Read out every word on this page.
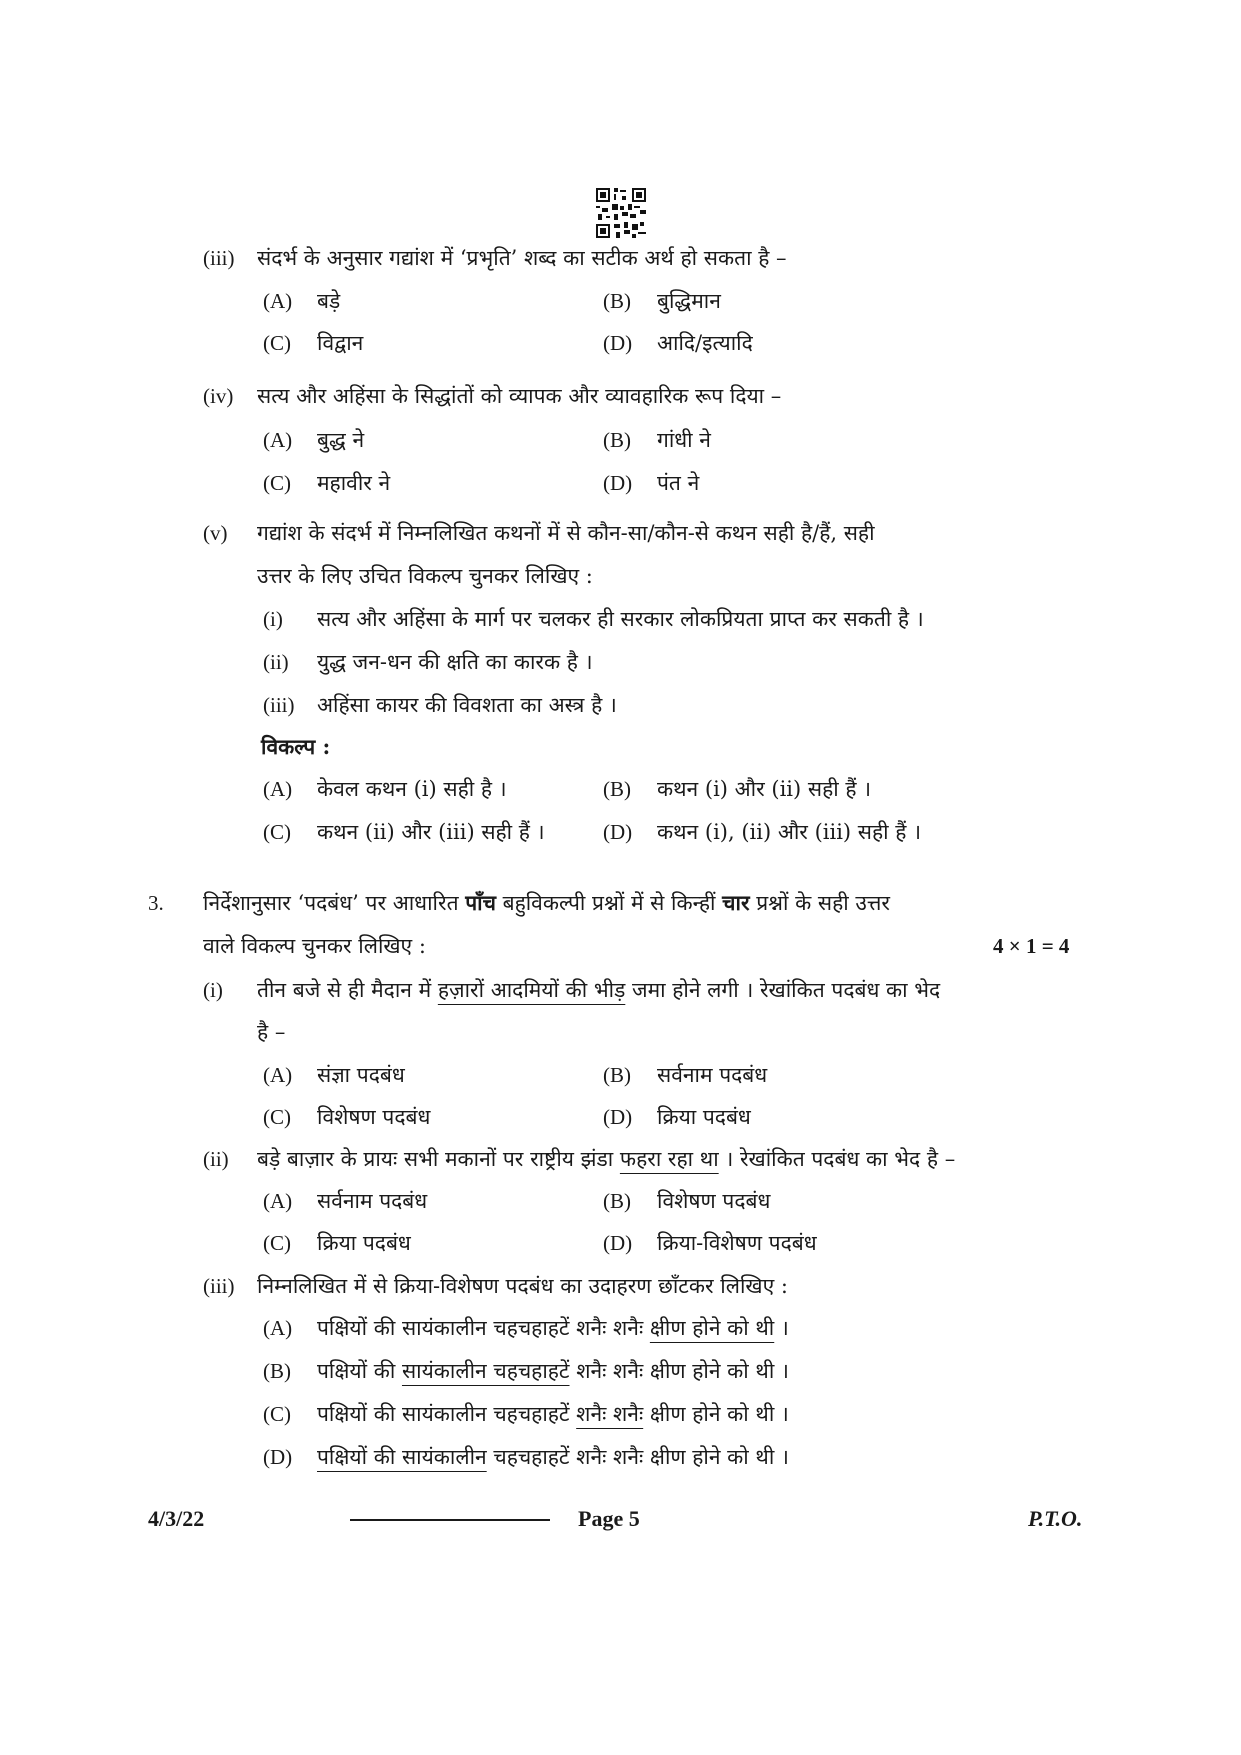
(iii) संदर्भ के अनुसार गद्यांश में ‘प्रभृति’ शब्द का सटीक अर्थ हो सकता है –
(A) बड़े	(B) बुद्धिमान
(C) विद्वान	(D) आदि/इत्यादि
(iv) सत्य और अहिंसा के सिद्धांतों को व्यापक और व्यावहारिक रूप दिया –
(A) बुद्ध ने	(B) गांधी ने
(C) महावीर ने	(D) पंत ने
(v) गद्यांश के संदर्भ में निम्नलिखित कथनों में से कौन-सा/कौन-से कथन सही है/हैं, सही
उत्तर के लिए उचित विकल्प चुनकर लिखिए :
(i) सत्य और अहिंसा के मार्ग पर चलकर ही सरकार लोकप्रियता प्राप्त कर सकती है ।
(ii) युद्ध जन-धन की क्षति का कारक है ।
(iii) अहिंसा कायर की विवशता का अस्त्र है ।
विकल्प :
(A) केवल कथन (i) सही है ।	(B) कथन (i) और (ii) सही हैं ।
(C) कथन (ii) और (iii) सही हैं ।	(D) कथन (i), (ii) और (iii) सही हैं ।
3. निर्देशानुसार ‘पदबंध’ पर आधारित पाँच बहुविकल्पी प्रश्नों में से किन्हीं चार प्रश्नों के सही उत्तर
वाले विकल्प चुनकर लिखिए :	4 × 1 = 4
(i) तीन बजे से ही मैदान में हज़ारों आदमियों की भीड़ जमा होने लगी । रेखांकित पदबंध का भेद
है –
(A) संज्ञा पदबंध	(B) सर्वनाम पदबंध
(C) विशेषण पदबंध	(D) क्रिया पदबंध
(ii) बड़े बाज़ार के प्रायः सभी मकानों पर राष्ट्रीय झंडा फहरा रहा था । रेखांकित पदबंध का भेद है –
(A) सर्वनाम पदबंध	(B) विशेषण पदबंध
(C) क्रिया पदबंध	(D) क्रिया-विशेषण पदबंध
(iii) निम्नलिखित में से क्रिया-विशेषण पदबंध का उदाहरण छाँटकर लिखिए :
(A) पक्षियों की सायंकालीन चहचहाहटें शनैः शनैः क्षीण होने को थी ।
(B) पक्षियों की सायंकालीन चहचहाहटें शनैः शनैः क्षीण होने को थी ।
(C) पक्षियों की सायंकालीन चहचहाहटें शनैः शनैः क्षीण होने को थी ।
(D) पक्षियों की सायंकालीन चहचहाहटें शनैः शनैः क्षीण होने को थी ।
4/3/22	Page 5	P.T.O.
